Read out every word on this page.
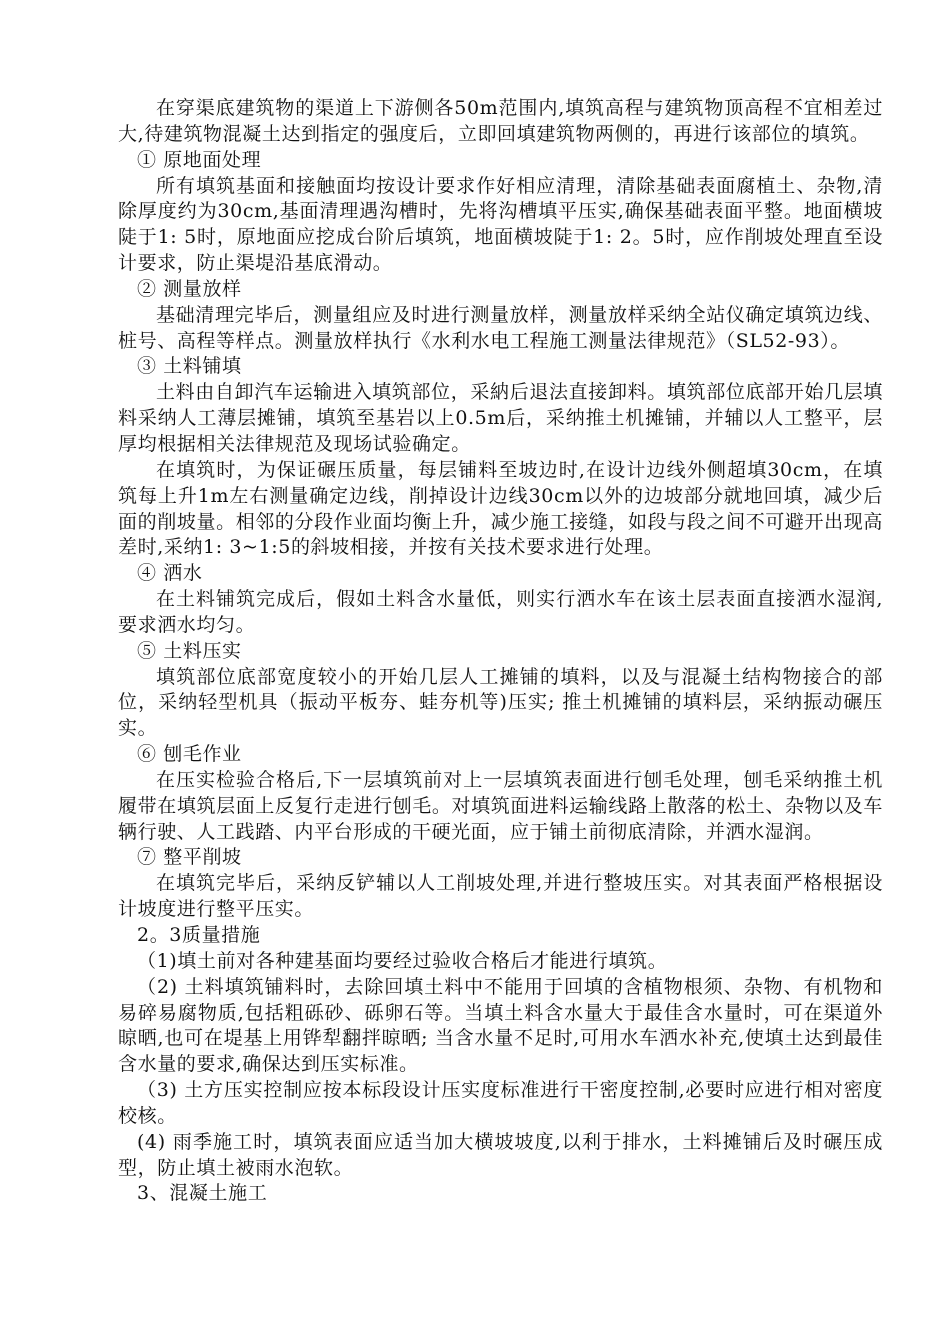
在穿渠底建筑物的渠道上下游侧各50m范围内,填筑高程与建筑物顶高程不宜相差过大,待建筑物混凝土达到指定的强度后，立即回填建筑物两侧的，再进行该部位的填筑。

① 原地面处理

所有填筑基面和接触面均按设计要求作好相应清理，清除基础表面腐植土、杂物,清除厚度约为30cm,基面清理遇沟槽时，先将沟槽填平压实,确保基础表面平整。地面横坡陡于1: 5时，原地面应挖成台阶后填筑，地面横坡陡于1: 2。5时，应作削坡处理直至设计要求，防止渠堤沿基底滑动。

② 测量放样

基础清理完毕后，测量组应及时进行测量放样，测量放样采纳全站仪确定填筑边线、桩号、高程等样点。测量放样执行《水利水电工程施工测量法律规范》（SL52-93）。

③ 土料铺填

土料由自卸汽车运输进入填筑部位，采納后退法直接卸料。填筑部位底部开始几层填料采纳人工薄层摊铺，填筑至基岩以上0.5m后，采纳推土机摊铺，并辅以人工整平，层厚均根据相关法律规范及现场试验确定。

在填筑时，为保证碾压质量，每层铺料至坡边时,在设计边线外侧超填30cm，在填筑每上升1m左右测量确定边线，削掉设计边线30cm以外的边坡部分就地回填，减少后面的削坡量。相邻的分段作业面均衡上升，减少施工接缝，如段与段之间不可避开出现高差时,采纳1: 3~1:5的斜坡相接，并按有关技术要求进行处理。

④ 洒水

在土料铺筑完成后，假如土料含水量低，则实行洒水车在该土层表面直接洒水湿润,要求洒水均匀。

⑤ 土料压实

填筑部位底部宽度较小的开始几层人工摊铺的填料，以及与混凝土结构物接合的部位，采纳轻型机具（振动平板夯、蛙夯机等)压实; 推土机摊铺的填料层，采纳振动碾压实。

⑥ 刨毛作业

在压实检验合格后,下一层填筑前对上一层填筑表面进行刨毛处理，刨毛采纳推土机履带在填筑层面上反复行走进行刨毛。对填筑面进料运输线路上散落的松土、杂物以及车辆行驶、人工践踏、内平台形成的干硬光面，应于铺土前彻底清除，并洒水湿润。

⑦ 整平削坡

在填筑完毕后，采纳反铲辅以人工削坡处理,并进行整坡压实。对其表面严格根据设计坡度进行整平压实。

2。3质量措施

（1)填土前对各种建基面均要经过验收合格后才能进行填筑。

（2) 土料填筑铺料时，去除回填土料中不能用于回填的含植物根须、杂物、有机物和易碎易腐物质,包括粗砾砂、砾卵石等。当填土料含水量大于最佳含水量时，可在渠道外晾晒,也可在堤基上用铧犁翻拌晾晒; 当含水量不足时,可用水车洒水补充,使填土达到最佳含水量的要求,确保达到压实标准。

（3) 土方压实控制应按本标段设计压实度标准进行干密度控制,必要时应进行相对密度校核。

(4) 雨季施工时，填筑表面应适当加大横坡坡度,以利于排水，土料摊铺后及时碾压成型，防止填土被雨水泡软。

3、混凝土施工
